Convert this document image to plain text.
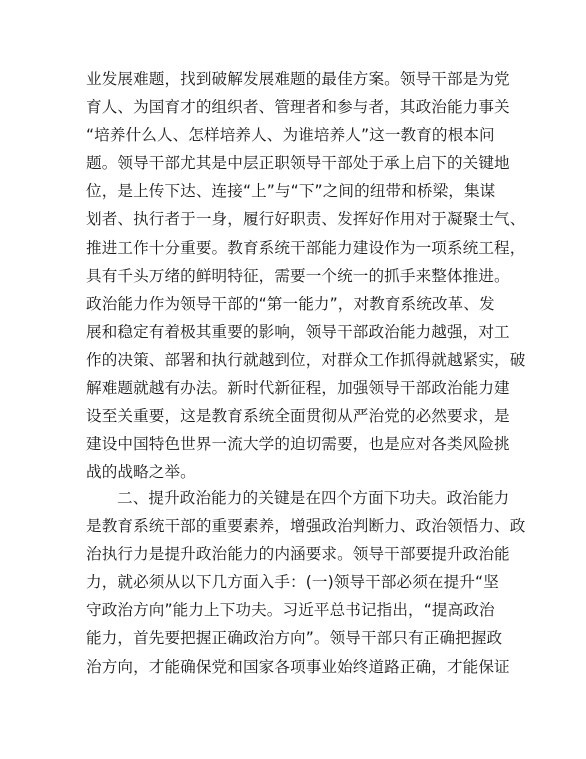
业发展难题，找到破解发展难题的最佳方案。领导干部是为党
育人、为国育才的组织者、管理者和参与者，其政治能力事关
“培养什么人、怎样培养人、为谁培养人”这一教育的根本问
题。领导干部尤其是中层正职领导干部处于承上启下的关键地
位，是上传下达、连接“上”与“下”之间的纽带和桥梁，集谋
划者、执行者于一身，履行好职责、发挥好作用对于凝聚士气、
推进工作十分重要。教育系统干部能力建设作为一项系统工程，
具有千头万绪的鲜明特征，需要一个统一的抓手来整体推进。
政治能力作为领导干部的“第一能力”，对教育系统改革、发
展和稳定有着极其重要的影响，领导干部政治能力越强，对工
作的决策、部署和执行就越到位，对群众工作抓得就越紧实，破
解难题就越有办法。新时代新征程，加强领导干部政治能力建
设至关重要，这是教育系统全面贯彻从严治党的必然要求，是
建设中国特色世界一流大学的迫切需要，也是应对各类风险挑
战的战略之举。
二、提升政治能力的关键是在四个方面下功夫。政治能力
是教育系统干部的重要素养，增强政治判断力、政治领悟力、政
治执行力是提升政治能力的内涵要求。领导干部要提升政治能
力，就必须从以下几方面入手：(一)领导干部必须在提升“坚
守政治方向”能力上下功夫。习近平总书记指出，“提高政治
能力，首先要把握正确政治方向”。领导干部只有正确把握政
治方向，才能确保党和国家各项事业始终道路正确，才能保证
